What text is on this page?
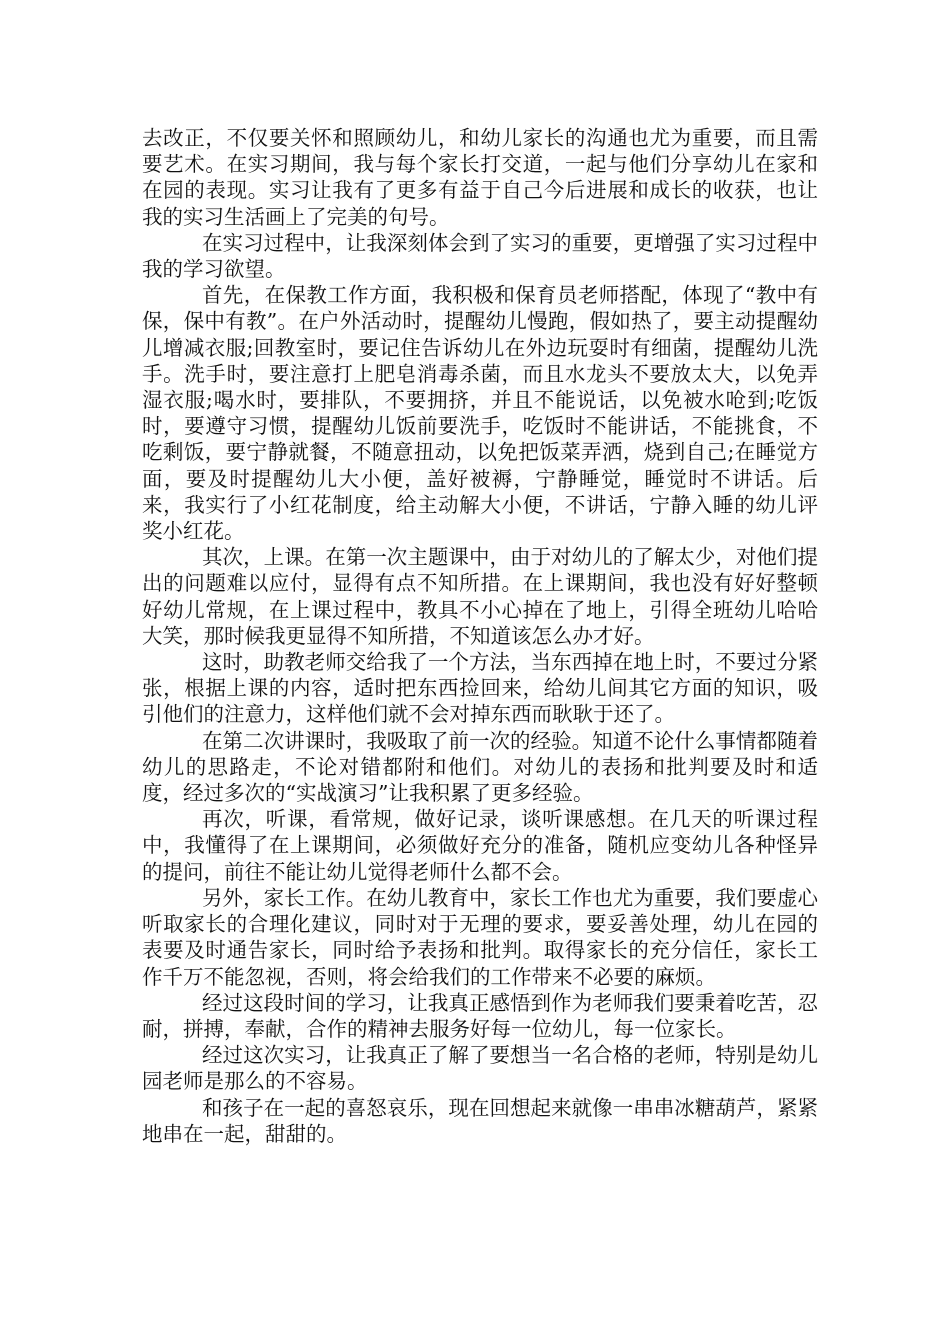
去改正，不仅要关怀和照顾幼儿，和幼儿家长的沟通也尤为重要，而且需要艺术。在实习期间，我与每个家长打交道，一起与他们分享幼儿在家和在园的表现。实习让我有了更多有益于自己今后进展和成长的收获，也让我的实习生活画上了完美的句号。

在实习过程中，让我深刻体会到了实习的重要，更增强了实习过程中我的学习欲望。

首先，在保教工作方面，我积极和保育员老师搭配，体现了“教中有保，保中有教”。在户外活动时，提醒幼儿慢跑，假如热了，要主动提醒幼儿增减衣服;回教室时，要记住告诉幼儿在外边玩耍时有细菌，提醒幼儿洗手。洗手时，要注意打上肥皂消毒杀菌，而且水龙头不要放太大，以免弄湿衣服;喝水时，要排队，不要拥挤，并且不能说话，以免被水呛到;吃饭时，要遵守习惯，提醒幼儿饭前要洗手，吃饭时不能讲话，不能挑食，不吃剩饭，要宁静就餐，不随意扭动，以免把饭菜弄洒，烧到自己;在睡觉方面，要及时提醒幼儿大小便，盖好被褥，宁静睡觉，睡觉时不讲话。后来，我实行了小红花制度，给主动解大小便，不讲话，宁静入睡的幼儿评奖小红花。

其次，上课。在第一次主题课中，由于对幼儿的了解太少，对他们提出的问题难以应付，显得有点不知所措。在上课期间，我也没有好好整顿好幼儿常规，在上课过程中，教具不小心掉在了地上，引得全班幼儿哈哈大笑，那时候我更显得不知所措，不知道该怎么办才好。

这时，助教老师交给我了一个方法，当东西掉在地上时，不要过分紧张，根据上课的内容，适时把东西捡回来，给幼儿间其它方面的知识，吸引他们的注意力，这样他们就不会对掉东西而耿耿于还了。

在第二次讲课时，我吸取了前一次的经验。知道不论什么事情都随着幼儿的思路走，不论对错都附和他们。对幼儿的表扬和批判要及时和适度，经过多次的“实战演习”让我积累了更多经验。

再次，听课，看常规，做好记录，谈听课感想。在几天的听课过程中，我懂得了在上课期间，必须做好充分的准备，随机应变幼儿各种怪异的提问，前往不能让幼儿觉得老师什么都不会。

另外，家长工作。在幼儿教育中，家长工作也尤为重要，我们要虚心听取家长的合理化建议，同时对于无理的要求，要妥善处理，幼儿在园的表要及时通告家长，同时给予表扬和批判。取得家长的充分信任，家长工作千万不能忽视，否则，将会给我们的工作带来不必要的麻烦。

经过这段时间的学习，让我真正感悟到作为老师我们要秉着吃苦，忍耐，拼搏，奉献，合作的精神去服务好每一位幼儿，每一位家长。

经过这次实习，让我真正了解了要想当一名合格的老师，特别是幼儿园老师是那么的不容易。

和孩子在一起的喜怒哀乐，现在回想起来就像一串串冰糖葫芦，紧紧地串在一起，甜甜的。
